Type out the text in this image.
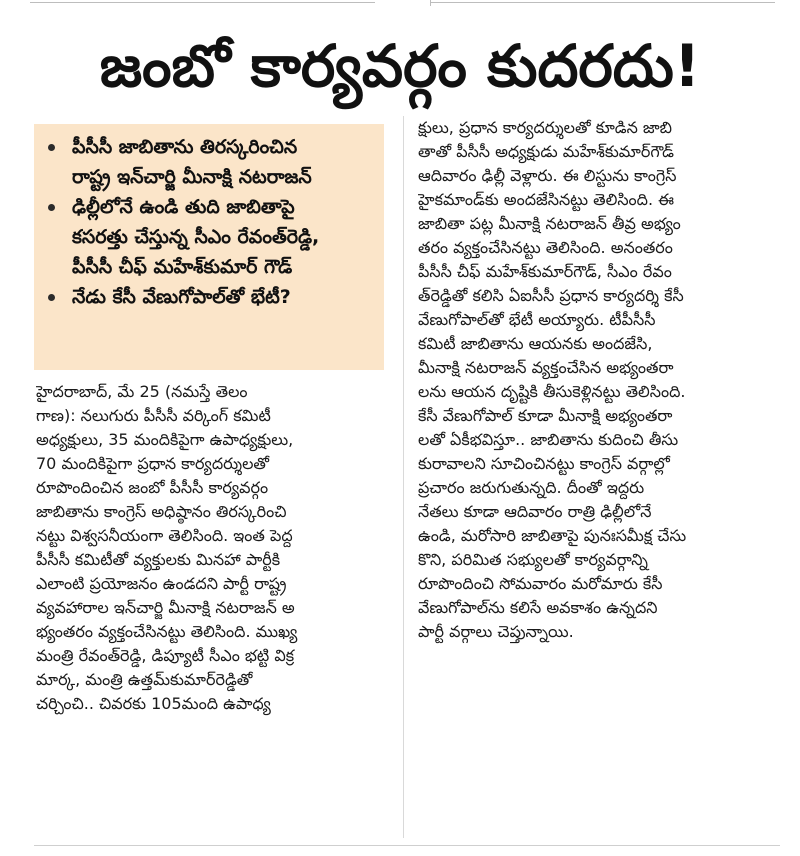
జంబో కార్యవర్గం కుదరదు!
పీసీసీ జాబితాను తిరస్కరించిన
రాష్ట్ర ఇన్‌చార్జి మీనాక్షి నటరాజన్
ఢిల్లీలోనే ఉండి తుది జాబితాపై
కసరత్తు చేస్తున్న సీఎం రేవంత్‌రెడ్డి,
పీసీసీ చీఫ్ మహేశ్‌కుమార్ గౌడ్
నేడు కేసీ వేణుగోపాల్‌తో భేటీ?
హైదరాబాద్, మే 25 (నమస్తే తెలం
గాణ): నలుగురు పీసీసీ వర్కింగ్ కమిటీ
అధ్యక్షులు, 35 మందికిపైగా ఉపాధ్యక్షులు,
70 మందికిపైగా ప్రధాన కార్యదర్శులతో
రూపొందించిన జంబో పీసీసీ కార్యవర్గం
జాబితాను కాంగ్రెస్ అధిష్ఠానం తిరస్కరించి
నట్టు విశ్వసనీయంగా తెలిసింది. ఇంత పెద్ద
పీసీసీ కమిటీతో వ్యక్తులకు మినహా పార్టీకి
ఎలాంటి ప్రయోజనం ఉండదని పార్టీ రాష్ట్ర
వ్యవహారాల ఇన్‌చార్జి మీనాక్షి నటరాజన్ అ
భ్యంతరం వ్యక్తంచేసినట్టు తెలిసింది. ముఖ్య
మంత్రి రేవంత్‌రెడ్డి, డిప్యూటీ సీఎం భట్టి విక్ర
మార్క, మంత్రి ఉత్తమ్‌కుమార్‌రెడ్డితో
చర్చించి.. చివరకు 105మంది ఉపాధ్య
క్షులు, ప్రధాన కార్యదర్శులతో కూడిన జాబి
తాతో పీసీసీ అధ్యక్షుడు మహేశ్‌కుమార్‌గౌడ్
ఆదివారం ఢిల్లీ వెళ్లారు. ఈ లిస్టును కాంగ్రెస్
హైకమాండ్‌కు అందజేసినట్టు తెలిసింది. ఈ
జాబితా పట్ల మీనాక్షి నటరాజన్ తీవ్ర అభ్యం
తరం వ్యక్తంచేసినట్టు తెలిసింది. అనంతరం
పీసీసీ చీఫ్ మహేశ్‌కుమార్‌గౌడ్, సీఎం రేవం
త్‌రెడ్డితో కలిసి ఏఐసీసీ ప్రధాన కార్యదర్శి కేసీ
వేణుగోపాల్‌తో భేటీ అయ్యారు. టీపీసీసీ
కమిటీ జాబితాను ఆయనకు అందజేసి,
మీనాక్షి నటరాజన్ వ్యక్తంచేసిన అభ్యంతరా
లను ఆయన దృష్టికి తీసుకెళ్లినట్టు తెలిసింది.
కేసీ వేణుగోపాల్ కూడా మీనాక్షి అభ్యంతరా
లతో ఏకీభవిస్తూ.. జాబితాను కుదించి తీసు
కురావాలని సూచించినట్టు కాంగ్రెస్ వర్గాల్లో
ప్రచారం జరుగుతున్నది. దీంతో ఇద్దరు
నేతలు కూడా ఆదివారం రాత్రి ఢిల్లీలోనే
ఉండి, మరోసారి జాబితాపై పునఃసమీక్ష చేసు
కొని, పరిమిత సభ్యులతో కార్యవర్గాన్ని
రూపొందించి సోమవారం మరోమారు కేసీ
వేణుగోపాల్‌ను కలిసే అవకాశం ఉన్నదని
పార్టీ వర్గాలు చెప్తున్నాయి.
